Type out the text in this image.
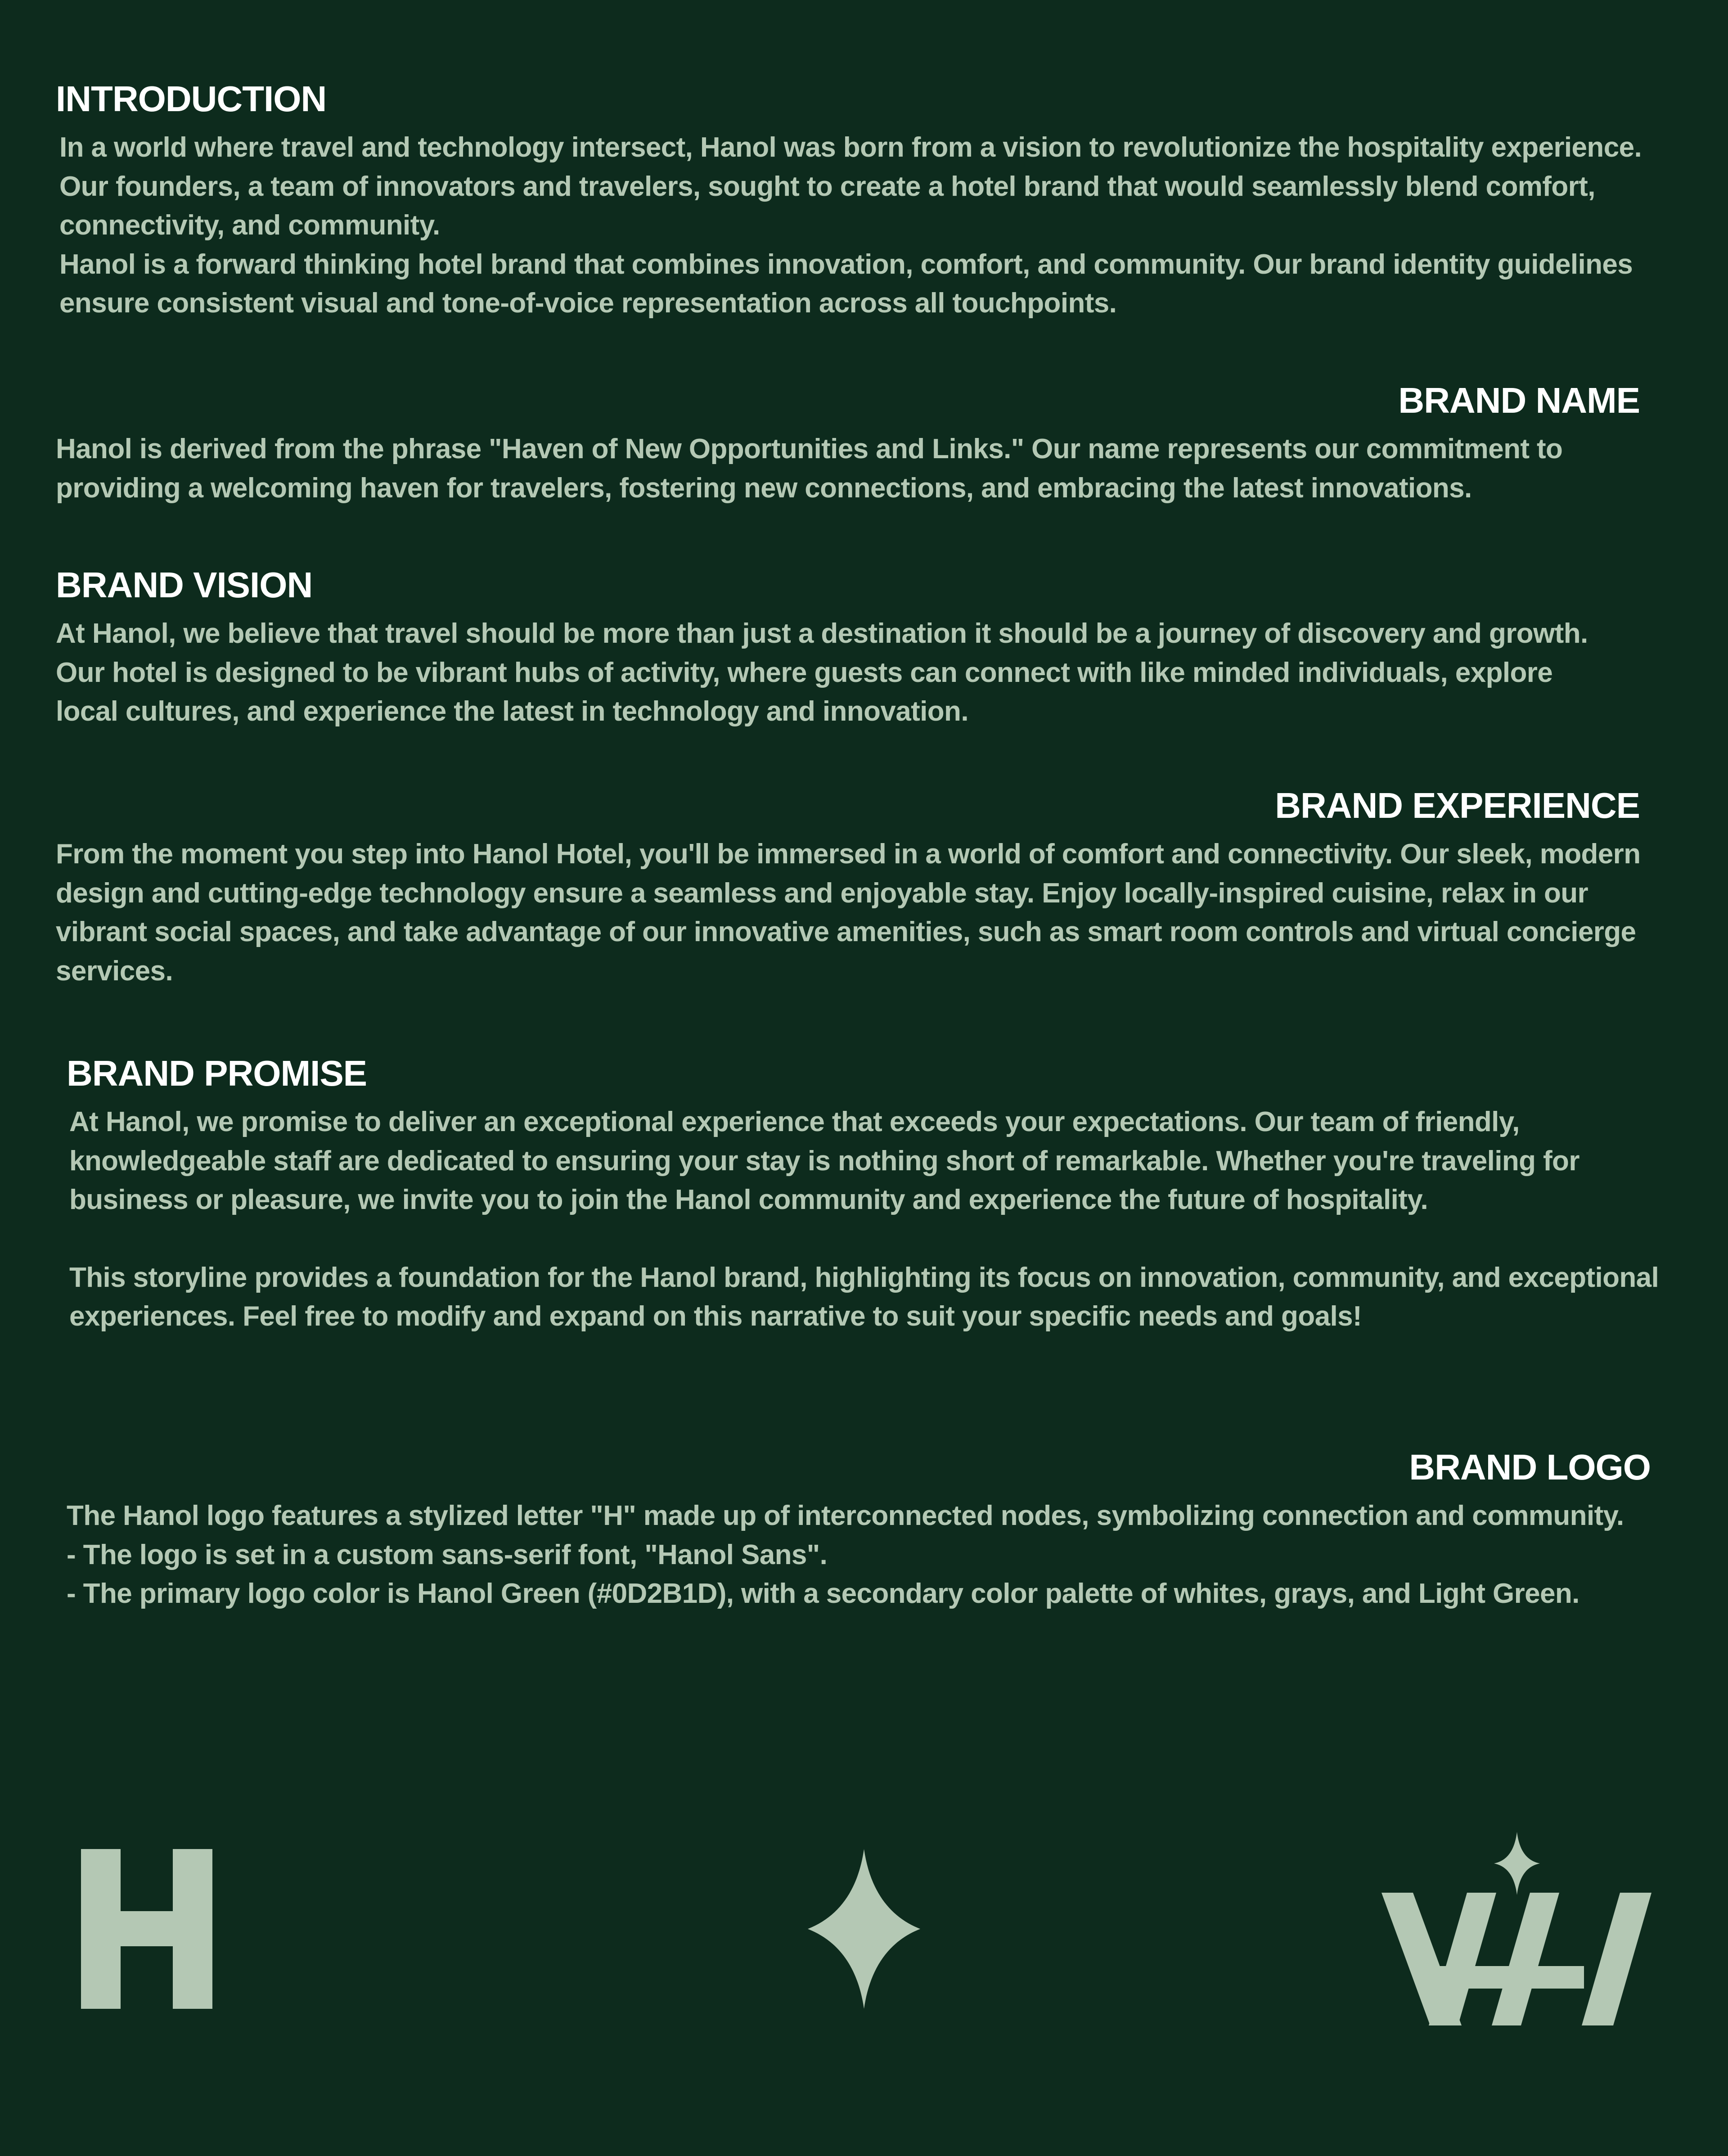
INTRODUCTION

In a world where travel and technology intersect, Hanol was born from a vision to revolutionize the hospitality experience. Our founders, a team of innovators and travelers, sought to create a hotel brand that would seamlessly blend comfort, connectivity, and community.

Hanol is a forward thinking hotel brand that combines innovation, comfort, and community. Our brand identity guidelines ensure consistent visual and tone-of-voice representation across all touchpoints.

BRAND NAME

Hanol is derived from the phrase "Haven of New Opportunities and Links." Our name represents our commitment to providing a welcoming haven for travelers, fostering new connections, and embracing the latest innovations.

BRAND VISION

At Hanol, we believe that travel should be more than just a destination it should be a journey of discovery and growth. Our hotel is designed to be vibrant hubs of activity, where guests can connect with like minded individuals, explore local cultures, and experience the latest in technology and innovation.

BRAND EXPERIENCE

From the moment you step into Hanol Hotel, you'll be immersed in a world of comfort and connectivity. Our sleek, modern design and cutting-edge technology ensure a seamless and enjoyable stay. Enjoy locally-inspired cuisine, relax in our vibrant social spaces, and take advantage of our innovative amenities, such as smart room controls and virtual concierge services.

BRAND PROMISE

At Hanol, we promise to deliver an exceptional experience that exceeds your expectations. Our team of friendly, knowledgeable staff are dedicated to ensuring your stay is nothing short of remarkable. Whether you're traveling for business or pleasure, we invite you to join the Hanol community and experience the future of hospitality.

This storyline provides a foundation for the Hanol brand, highlighting its focus on innovation, community, and exceptional experiences. Feel free to modify and expand on this narrative to suit your specific needs and goals!

BRAND LOGO

The Hanol logo features a stylized letter "H" made up of interconnected nodes, symbolizing connection and community.

- The logo is set in a custom sans-serif font, "Hanol Sans".

- The primary logo color is Hanol Green (#0D2B1D), with a secondary color palette of whites, grays, and Light Green.
